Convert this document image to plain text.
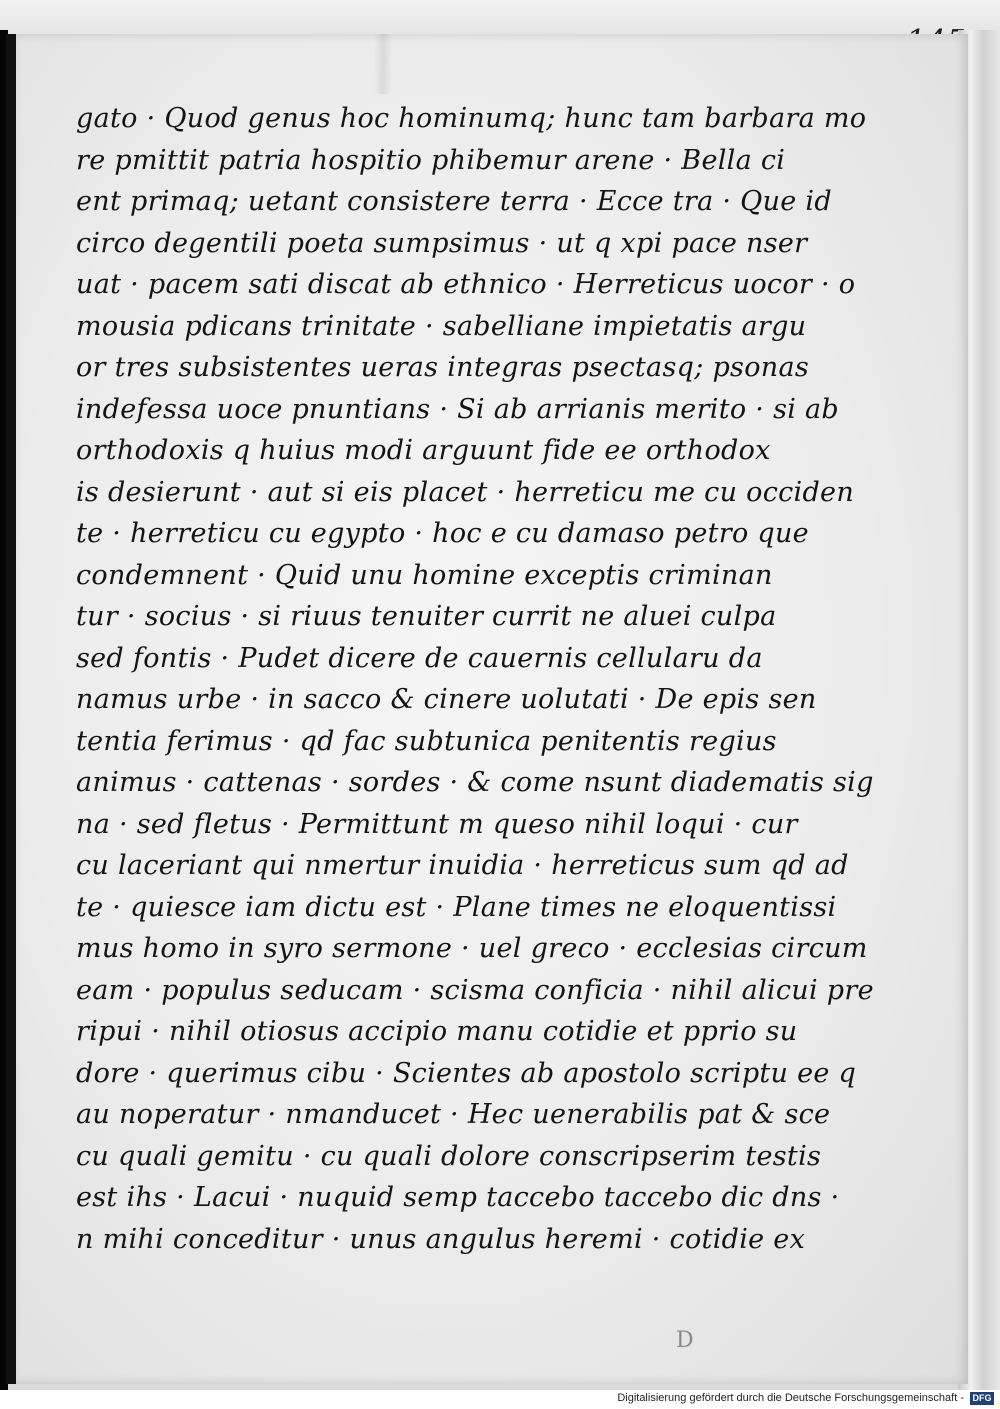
gato · Quod genus hoc hominumq; hunc tam barbara mo
re pmittit patria hospitio phibemur arene · Bella ci
ent primaq; uetant consistere terra · Ecce tra · Que id
circo degentili poeta sumpsimus · ut q xpi pace nser
uat · pacem sati discat ab ethnico · Herreticus uocor · o
mousia pdicans trinitate · sabelliane impietatis argu
or tres subsistentes ueras integras psectasq; psonas
indefessa uoce pnuntians · Si ab arrianis merito · si ab
orthodoxis q huius modi arguunt fide ee orthodox
is desierunt · aut si eis placet · herreticu me cu occiden
te · herreticu cu egypto · hoc e cu damaso petro que
condemnent · Quid unu homine exceptis criminan
tur · socius · si riuus tenuiter currit ne aluei culpa
sed fontis · Pudet dicere de cauernis cellularu da
namus urbe · in sacco & cinere uolutati · De epis sen
tentia ferimus · qd fac subtunica penitentis regius
animus · cattenas · sordes · & come nsunt diadematis sig
na · sed fletus · Permittunt m queso nihil loqui · cur
cu laceriant qui nmertur inuidia · herreticus sum qd ad
te · quiesce iam dictu est · Plane times ne eloquentissi
mus homo in syro sermone · uel greco · ecclesias circum
eam · populus seducam · scisma conficia · nihil alicui pre
ripui · nihil otiosus accipio manu cotidie et pprio su
dore · querimus cibu · Scientes ab apostolo scriptu ee q
au noperatur · nmanducet · Hec uenerabilis pat & sce
cu quali gemitu · cu quali dolore conscripserim testis
est ihs · Lacui · nuquid semp taccebo taccebo dic dns ·
n mihi conceditur · unus angulus heremi · cotidie ex
D
Digitalisierung gefördert durch die Deutsche Forschungsgemeinschaft - DFG
